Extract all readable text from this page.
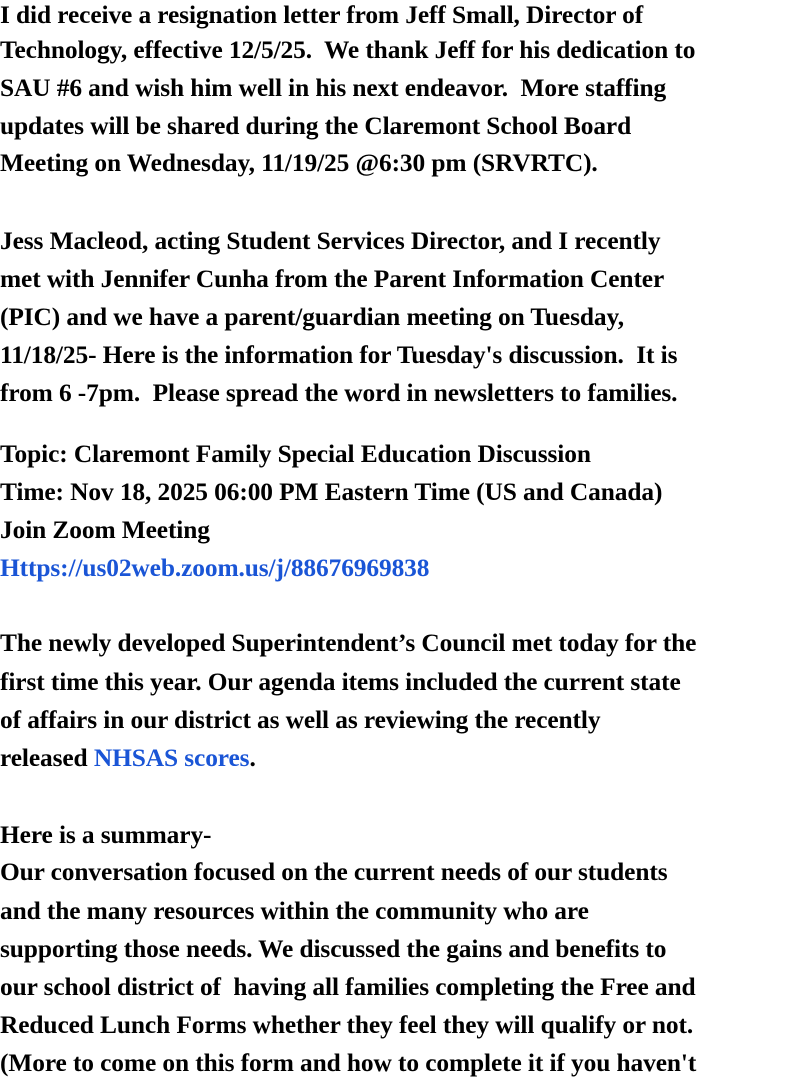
I did receive a resignation letter from Jeff Small, Director of
Technology, effective 12/5/25.  We thank Jeff for his dedication to
SAU #6 and wish him well in his next endeavor.  More staffing
updates will be shared during the Claremont School Board
Meeting on Wednesday, 11/19/25 @6:30 pm (SRVRTC).
Jess Macleod, acting Student Services Director, and I recently
met with Jennifer Cunha from the Parent Information Center
(PIC) and we have a parent/guardian meeting on Tuesday,
11/18/25- Here is the information for Tuesday's discussion.  It is
from 6 -7pm.  Please spread the word in newsletters to families.
Topic: Claremont Family Special Education Discussion
Time: Nov 18, 2025 06:00 PM Eastern Time (US and Canada)
Join Zoom Meeting
Https://us02web.zoom.us/j/88676969838
The newly developed Superintendent’s Council met today for the
first time this year. Our agenda items included the current state
of affairs in our district as well as reviewing the recently
released NHSAS scores.
Here is a summary-
Our conversation focused on the current needs of our students
and the many resources within the community who are
supporting those needs. We discussed the gains and benefits to
our school district of  having all families completing the Free and
Reduced Lunch Forms whether they feel they will qualify or not.
(More to come on this form and how to complete it if you haven't
